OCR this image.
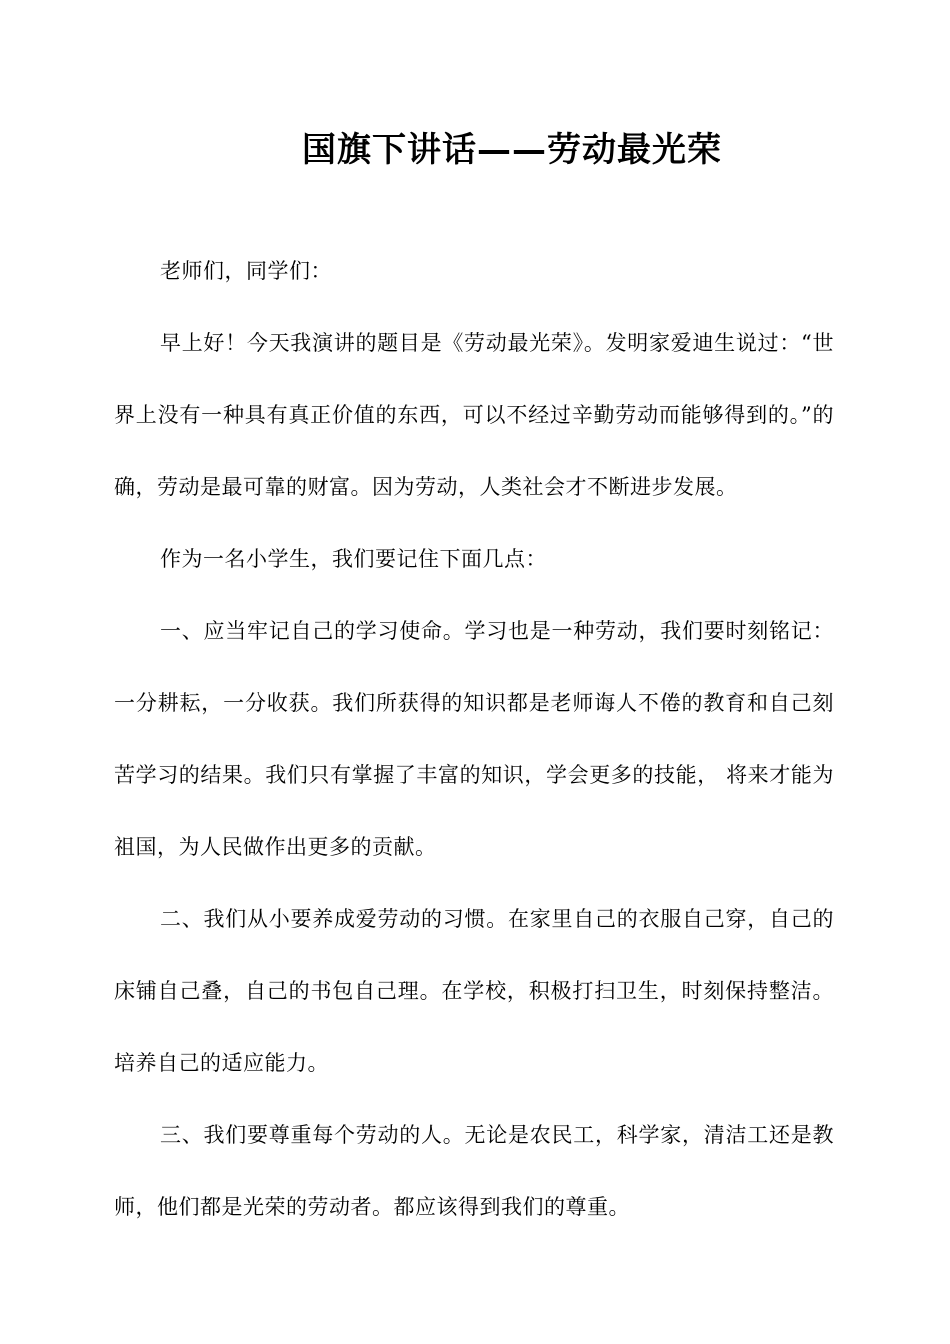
国旗下讲话——劳动最光荣

老师们，同学们：

早上好！今天我演讲的题目是《劳动最光荣》。发明家爱迪生说过：“世界上没有一种具有真正价值的东西，可以不经过辛勤劳动而能够得到的。”的确，劳动是最可靠的财富。因为劳动，人类社会才不断进步发展。

作为一名小学生，我们要记住下面几点：

一、应当牢记自己的学习使命。学习也是一种劳动，我们要时刻铭记：一分耕耘，一分收获。我们所获得的知识都是老师诲人不倦的教育和自己刻苦学习的结果。我们只有掌握了丰富的知识，学会更多的技能， 将来才能为祖国，为人民做作出更多的贡献。

二、我们从小要养成爱劳动的习惯。在家里自己的衣服自己穿，自己的床铺自己叠，自己的书包自己理。在学校，积极打扫卫生，时刻保持整洁。培养自己的适应能力。

三、我们要尊重每个劳动的人。无论是农民工，科学家，清洁工还是教师，他们都是光荣的劳动者。都应该得到我们的尊重。
